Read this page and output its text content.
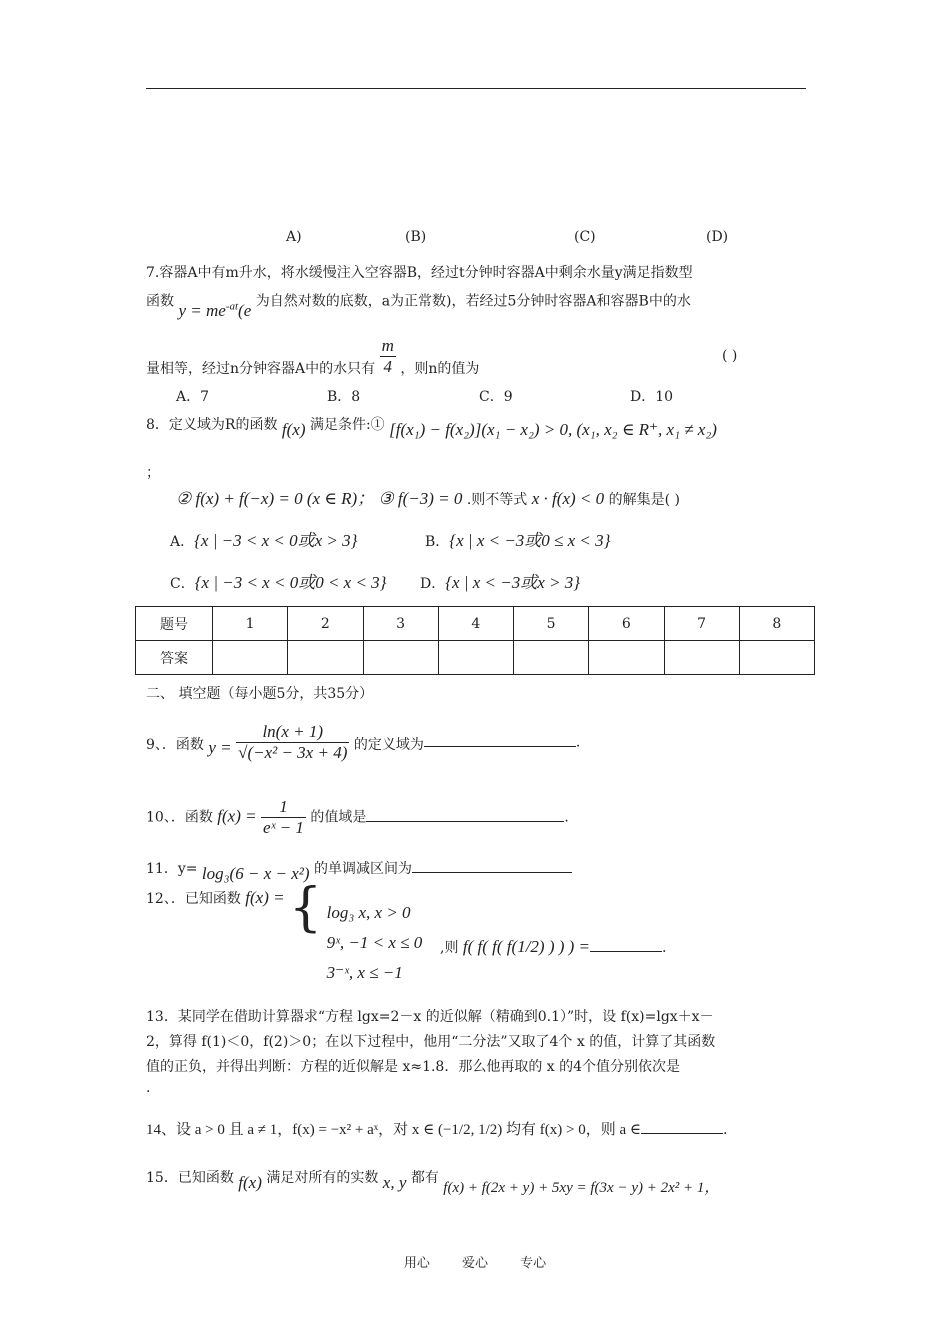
A)	(B)	(C)	(D)
7.容器A中有m升水，将水缓慢注入空容器B，经过t分钟时容器A中剩余水量y满足指数型
函数 $y = me^{-at}(e$ 为自然对数的底数，a为正常数)，若经过5分钟时容器A和容器B中的水
量相等，经过n分钟容器A中的水只有 $\frac{m}{4}$ ，则n的值为
( )
A．7	B．8	C．9	D．10
8．定义域为R的函数 f(x) 满足条件:① [f(x₁) − f(x₂)](x₁ − x₂) > 0, (x₁, x₂ ∈ R⁺, x₁ ≠ x₂)
；
② f(x) + f(−x) = 0 (x ∈ R)； ③ f(−3) = 0 .则不等式 x · f(x) < 0 的解集是( )
A．{x | −3 < x < 0或x > 3}	B．{x | x < −3或0 ≤ x < 3}
C．{x | −3 < x < 0或0 < x < 3} D．{x | x < −3或x > 3}
题号	1	2	3	4	5	6	7	8
答案								
二、 填空题（每小题5分，共35分）
9、．函数 $y = \frac{\ln(x + 1)}{\text{√(−x² − 3x + 4)}}$ 的定义域为	.
10、．函数 $f(x) = \frac{1}{\text{eˣ − 1}}$ 的值域是	.
11．y= log₃(6 − x − x²) 的单调减区间为
12、．已知函数 f(x) = { log₃ x, x > 0
9ˣ, −1 < x ≤ 0
3⁻ˣ, x ≤ −1
,则 f( f( f( f(1/2) ) ) ) =	.
13．某同学在借助计算器求“方程 lgx=2－x 的近似解（精确到0.1）”时，设 f(x)=lgx＋x－
2，算得 f(1)＜0，f(2)＞0；在以下过程中，他用“二分法”又取了4个 x 的值，计算了其函数
值的正负，并得出判断：方程的近似解是 x≈1.8．那么他再取的 x 的4个值分别依次是
.
14、设 a > 0 且 a ≠ 1，f(x) = −x² + aˣ，对 x ∈ (−1/2, 1/2) 均有 f(x) > 0，则 a ∈	.
15．已知函数 f(x) 满足对所有的实数 x, y 都有 f(x) + f(2x + y) + 5xy = f(3x − y) + 2x² + 1，
用心 爱心 专心
